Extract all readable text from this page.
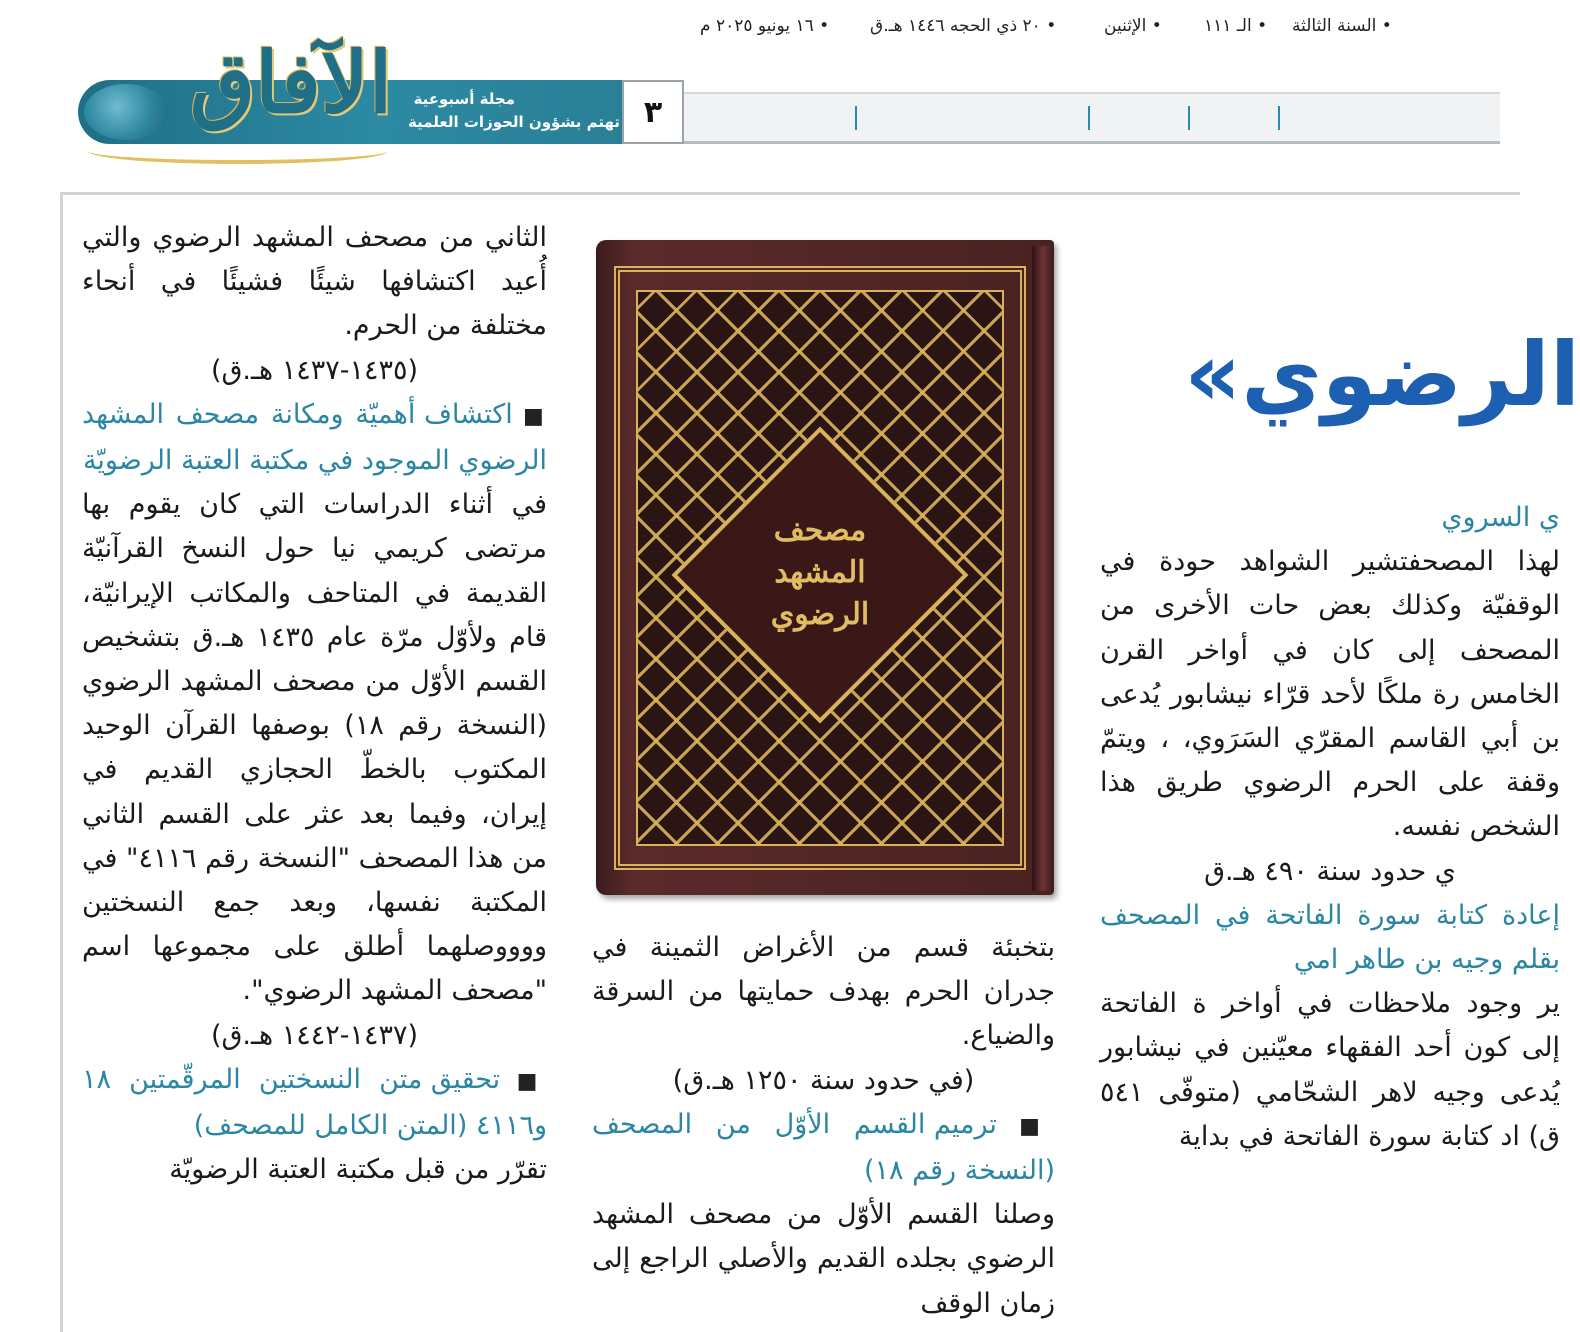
الآفاق مجلة أسبوعية
تهتم بشؤون الحوزات العلمية ٣
• السنة الثالثة
• الـ ١١١
• الإثنين
• ٢٠ ذي الحجه ١٤٤٦ هـ.ق
• ١٦ يونيو ٢٠٢٥ م
الرضوي»
مصحف
المشهد
الرضوي

الثاني من مصحف المشهد الرضوي والتي أُعيد اكتشافها شيئًا فشيئًا في أنحاء مختلفة من الحرم.

(١٤٣٥-١٤٣٧ هـ.ق)

■ اكتشاف أهميّة ومكانة مصحف المشهد الرضوي الموجود في مكتبة العتبة الرضويّة

في أثناء الدراسات التي كان يقوم بها مرتضى كريمي نيا حول النسخ القرآنيّة القديمة في المتاحف والمكاتب الإيرانيّة، قام ولأوّل مرّة عام ١٤٣٥ هـ.ق بتشخيص القسم الأوّل من مصحف المشهد الرضوي (النسخة رقم ١٨) بوصفها القرآن الوحيد المكتوب بالخطّ الحجازي القديم في إيران، وفيما بعد عثر على القسم الثاني من هذا المصحف "النسخة رقم ٤١١٦" في المكتبة نفسها، وبعد جمع النسختين ووووصلهما أطلق على مجموعها اسم "مصحف المشهد الرضوي".

(١٤٣٧-١٤٤٢ هـ.ق)

■ تحقيق متن النسختين المرقّمتين ١٨ و٤١١٦ (المتن الكامل للمصحف)

تقرّر من قبل مكتبة العتبة الرضويّة

بتخبئة قسم من الأغراض الثمينة في جدران الحرم بهدف حمايتها من السرقة والضياع.

(في حدود سنة ١٢٥٠ هـ.ق)

■ ترميم القسم الأوّل من المصحف (النسخة رقم ١٨)

وصلنا القسم الأوّل من مصحف المشهد الرضوي بجلده القديم والأصلي الراجع إلى زمان الوقف

ي السروي

لهذا المصحفتشير الشواهد حودة في الوقفيّة وكذلك بعض حات الأخرى من المصحف إلى كان في أواخر القرن الخامس رة ملكًا لأحد قرّاء نيشابور يُدعى بن أبي القاسم المقرّي السَرَوي، ، ويتمّ وقفة على الحرم الرضوي طريق هذا الشخص نفسه.

ي حدود سنة ٤٩٠ هـ.ق

إعادة كتابة سورة الفاتحة في المصحف بقلم وجيه بن طاهر امي

ير وجود ملاحظات في أواخر ة الفاتحة إلى كون أحد الفقهاء معيّنين في نيشابور يُدعى وجيه لاهر الشحّامي (متوفّى ٥٤١ ق) اد كتابة سورة الفاتحة في بداية
